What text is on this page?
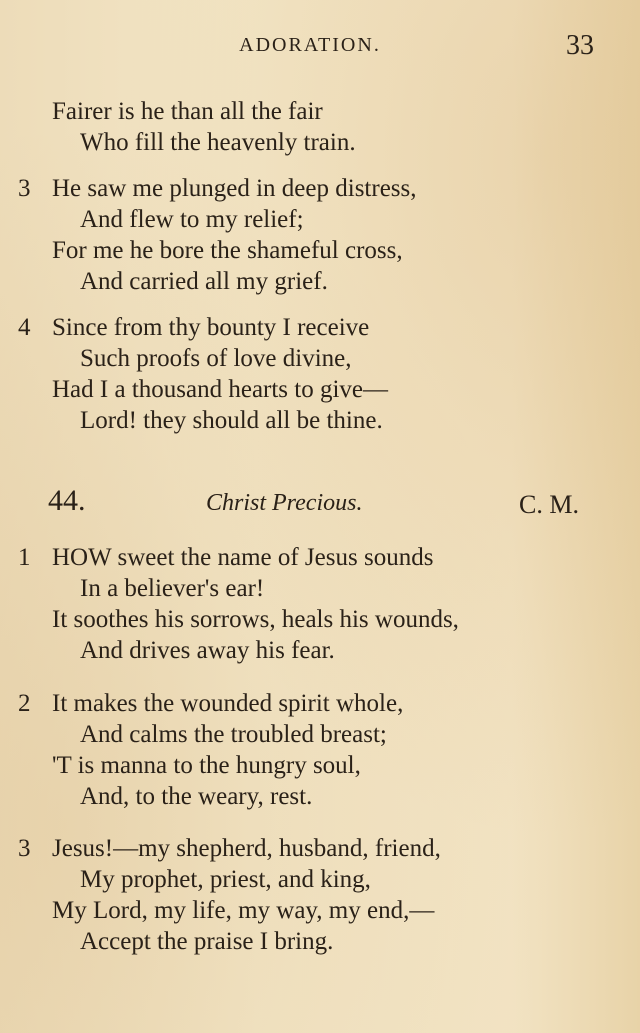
ADORATION.	33
Fairer is he than all the fair
Who fill the heavenly train.
3 He saw me plunged in deep distress,
And flew to my relief;
For me he bore the shameful cross,
And carried all my grief.
4 Since from thy bounty I receive
Such proofs of love divine,
Had I a thousand hearts to give—
Lord! they should all be thine.
44.	Christ Precious.	C. M.
1 HOW sweet the name of Jesus sounds
In a believer's ear!
It soothes his sorrows, heals his wounds,
And drives away his fear.
2 It makes the wounded spirit whole,
And calms the troubled breast;
'T is manna to the hungry soul,
And, to the weary, rest.
3 Jesus!—my shepherd, husband, friend,
My prophet, priest, and king,
My Lord, my life, my way, my end,—
Accept the praise I bring.
